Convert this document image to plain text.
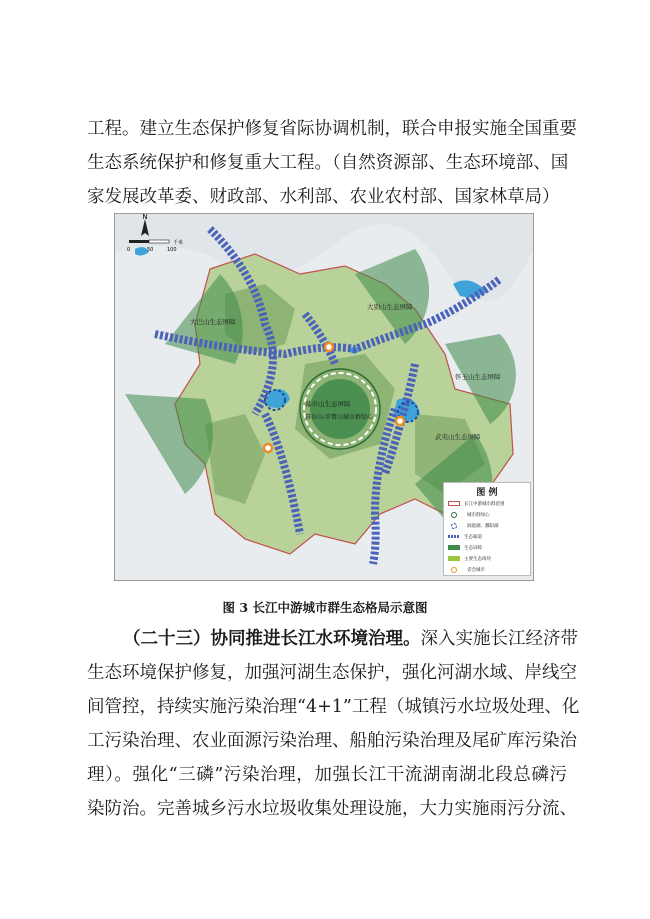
工程。建立生态保护修复省际协调机制，联合申报实施全国重要
生态系统保护和修复重大工程。（自然资源部、生态环境部、国
家发展改革委、财政部、水利部、农业农村部、国家林草局）
N
0	50	100
千米
大巴山生态屏障
大别山生态屏障
幕阜山生态屏障
怀玉山生态屏障
武夷山生态屏障
幕阜山-罗霄山城市群绿心
图 例
长江中游城市群范围
城市群绿心
洞庭湖、鄱阳湖
生态廊道
生态屏障
主要生态斑块
省会城市
图 3 长江中游城市群生态格局示意图
（二十三）协同推进长江水环境治理。深入实施长江经济带
生态环境保护修复，加强河湖生态保护，强化河湖水域、岸线空
间管控，持续实施污染治理“4+1”工程（城镇污水垃圾处理、化
工污染治理、农业面源污染治理、船舶污染治理及尾矿库污染治
理）。强化“三磷”污染治理，加强长江干流湖南湖北段总磷污
染防治。完善城乡污水垃圾收集处理设施，大力实施雨污分流、
